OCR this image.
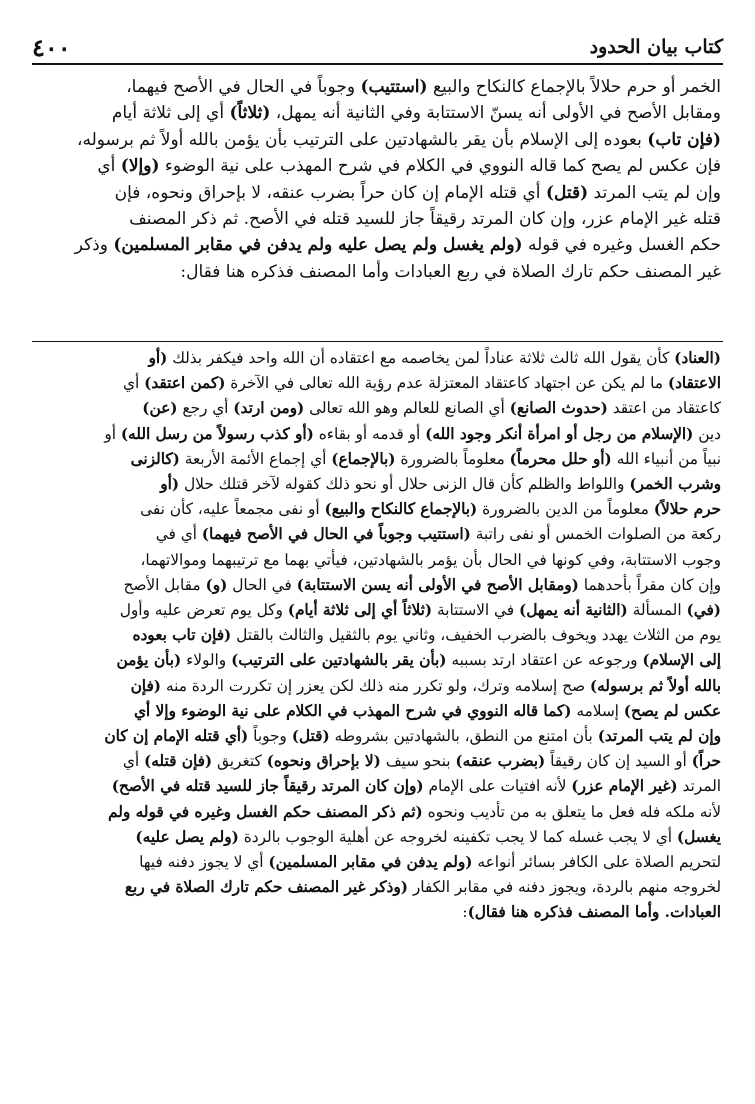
كتاب بيان الحدود
٤٠٠
الخمر أو حرم حلالاً بالإجماع كالنكاح والبيع (استتيب) وجوباً في الحال في الأصح فيهما،
ومقابل الأصح في الأولى أنه يسنّ الاستتابة وفي الثانية أنه يمهل، (ثلاثاً) أي إلى ثلاثة أيام
(فإن تاب) بعوده إلى الإسلام بأن يقر بالشهادتين على الترتيب بأن يؤمن بالله أولاً ثم برسوله،
فإن عكس لم يصح كما قاله النووي في الكلام في شرح المهذب على نية الوضوء (وإلا) أي
وإن لم يتب المرتد (قتل) أي قتله الإمام إن كان حراً بضرب عنقه، لا بإحراق ونحوه، فإن
قتله غير الإمام عزر، وإن كان المرتد رقيقاً جاز للسيد قتله في الأصح. ثم ذكر المصنف
حكم الغسل وغيره في قوله (ولم يغسل ولم يصل عليه ولم يدفن في مقابر المسلمين) وذكر
غير المصنف حكم تارك الصلاة في ربع العبادات وأما المصنف فذكره هنا فقال:
(العناد) كأن يقول الله ثالث ثلاثة عناداً لمن يخاصمه مع اعتقاده أن الله واحد فيكفر بذلك (أو
الاعتقاد) ما لم يكن عن اجتهاد كاعتقاد المعتزلة عدم رؤية الله تعالى في الآخرة (كمن اعتقد) أي
كاعتقاد من اعتقد (حدوث الصانع) أي الصانع للعالم وهو الله تعالى (ومن ارتد) أي رجع (عن)
دين (الإسلام من رجل أو امرأة أنكر وجود الله) أو قدمه أو بقاءه (أو كذب رسولاً من رسل الله) أو
نبياً من أنبياء الله (أو حلل محرماً) معلوماً بالضرورة (بالإجماع) أي إجماع الأئمة الأربعة (كالزنى
وشرب الخمر) واللواط والظلم كأن قال الزنى حلال أو نحو ذلك كقوله لآخر قتلك حلال (أو
حرم حلالاً) معلوماً من الدين بالضرورة (بالإجماع كالنكاح والبيع) أو نفى مجمعاً عليه، كأن نفى
ركعة من الصلوات الخمس أو نفى راتبة (استتيب وجوباً في الحال في الأصح فيهما) أي في
وجوب الاستتابة، وفي كونها في الحال بأن يؤمر بالشهادتين، فيأتي بهما مع ترتيبهما وموالاتهما،
وإن كان مقراً بأحدهما (ومقابل الأصح في الأولى أنه يسن الاستتابة) في الحال (و) مقابل الأصح
(في) المسألة (الثانية أنه يمهل) في الاستتابة (ثلاثاً أي إلى ثلاثة أيام) وكل يوم تعرض عليه وأول
يوم من الثلاث يهدد ويخوف بالضرب الخفيف، وثاني يوم بالثقيل والثالث بالقتل (فإن تاب بعوده
إلى الإسلام) ورجوعه عن اعتقاد ارتد بسببه (بأن يقر بالشهادتين على الترتيب) والولاء (بأن يؤمن
بالله أولاً ثم برسوله) صح إسلامه وترك، ولو تكرر منه ذلك لكن يعزر إن تكررت الردة منه (فإن
عكس لم يصح) إسلامه (كما قاله النووي في شرح المهذب في الكلام على نية الوضوء وإلا أي
وإن لم يتب المرتد) بأن امتنع من النطق، بالشهادتين بشروطه (قتل) وجوباً (أي قتله الإمام إن كان
حراً) أو السيد إن كان رقيقاً (بضرب عنقه) بنحو سيف (لا بإحراق ونحوه) كتغريق (فإن قتله) أي
المرتد (غير الإمام عزر) لأنه افتيات على الإمام (وإن كان المرتد رقيقاً جاز للسيد قتله في الأصح)
لأنه ملكه فله فعل ما يتعلق به من تأديب ونحوه (ثم ذكر المصنف حكم الغسل وغيره في قوله ولم
يغسل) أي لا يجب غسله كما لا يجب تكفينه لخروجه عن أهلية الوجوب بالردة (ولم يصل عليه)
لتحريم الصلاة على الكافر بسائر أنواعه (ولم يدفن في مقابر المسلمين) أي لا يجوز دفنه فيها
لخروجه منهم بالردة، ويجوز دفنه في مقابر الكفار (وذكر غير المصنف حكم تارك الصلاة في ربع
العبادات. وأما المصنف فذكره هنا فقال):
